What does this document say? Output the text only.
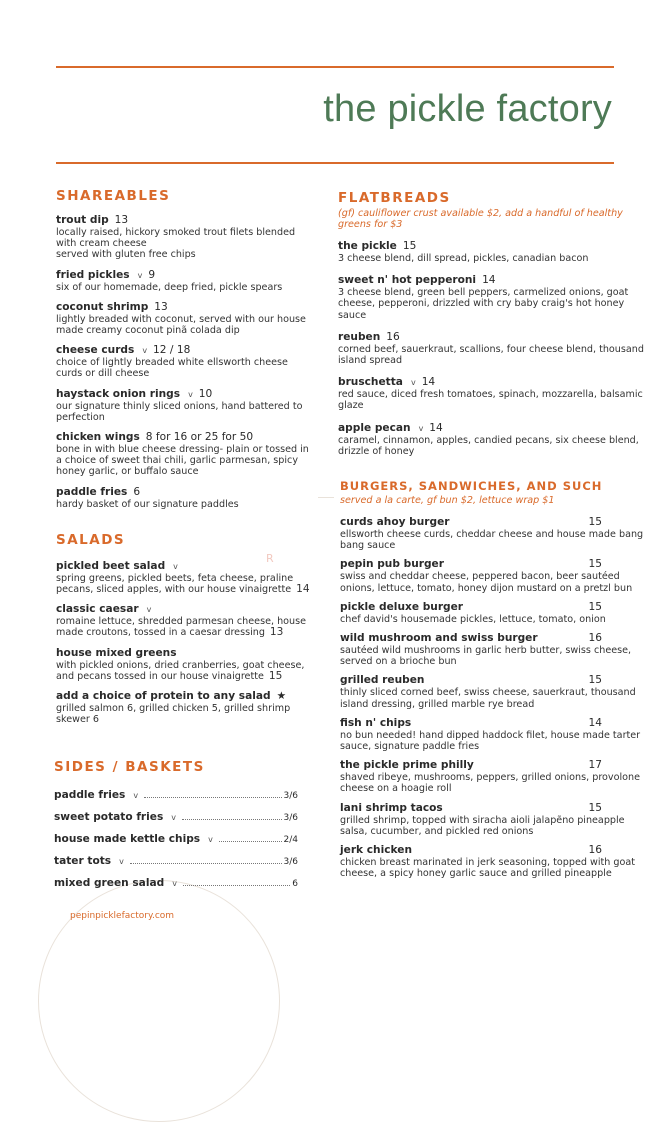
the pickle factory
R
SHAREABLES
trout dip 13
locally raised, hickory smoked trout filets blended with cream cheese
served with gluten free chips
fried pickles v 9
six of our homemade, deep fried, pickle spears
coconut shrimp 13
lightly breaded with coconut, served with our house made creamy coconut pinã colada dip
cheese curds v 12 / 18
choice of lightly breaded white ellsworth cheese curds or dill cheese
haystack onion rings v 10
our signature thinly sliced onions, hand battered to perfection
chicken wings 8 for 16 or 25 for 50
bone in with blue cheese dressing- plain or tossed in a choice of sweet thai chili, garlic parmesan, spicy honey garlic, or buffalo sauce
paddle fries 6
hardy basket of our signature paddles
SALADS
pickled beet salad v
spring greens, pickled beets, feta cheese, praline pecans, sliced apples, with our house vinaigrette 14
classic caesar v
romaine lettuce, shredded parmesan cheese, house made croutons, tossed in a caesar dressing 13
house mixed greens
with pickled onions, dried cranberries, goat cheese, and pecans tossed in our house vinaigrette 15
add a choice of protein to any salad ★
grilled salmon 6, grilled chicken 5, grilled shrimp skewer 6
SIDES / BASKETS
paddle fries v	3/6
sweet potato fries v	3/6
house made kettle chips v	2/4
tater tots v	3/6
mixed green salad v	6
pepinpicklefactory.com
FLATBREADS
(gf) cauliflower crust available $2, add a handful of healthy greens for $3
the pickle 15
3 cheese blend, dill spread, pickles, canadian bacon
sweet n' hot pepperoni 14
3 cheese blend, green bell peppers, carmelized onions, goat cheese, pepperoni, drizzled with cry baby craig's hot honey sauce
reuben 16
corned beef, sauerkraut, scallions, four cheese blend, thousand island spread
bruschetta v 14
red sauce, diced fresh tomatoes, spinach, mozzarella, balsamic glaze
apple pecan v 14
caramel, cinnamon, apples, candied pecans, six cheese blend, drizzle of honey
BURGERS, SANDWICHES, AND SUCH
served a la carte, gf bun $2, lettuce wrap $1
curds ahoy burger	15
ellsworth cheese curds, cheddar cheese and house made bang bang sauce
pepin pub burger	15
swiss and cheddar cheese, peppered bacon, beer sautéed onions, lettuce, tomato, honey dijon mustard on a pretzl bun
pickle deluxe burger	15
chef david's housemade pickles, lettuce, tomato, onion
wild mushroom and swiss burger	16
sautéed wild mushrooms in garlic herb butter, swiss cheese, served on a brioche bun
grilled reuben	15
thinly sliced corned beef, swiss cheese, sauerkraut, thousand island dressing, grilled marble rye bread
fish n' chips	14
no bun needed! hand dipped haddock filet, house made tarter sauce, signature paddle fries
the pickle prime philly	17
shaved ribeye, mushrooms, peppers, grilled onions, provolone cheese on a hoagie roll
lani shrimp tacos	15
grilled shrimp, topped with siracha aioli jalapẽno pineapple salsa, cucumber, and pickled red onions
jerk chicken	16
chicken breast marinated in jerk seasoning, topped with goat cheese, a spicy honey garlic sauce and grilled pineapple
